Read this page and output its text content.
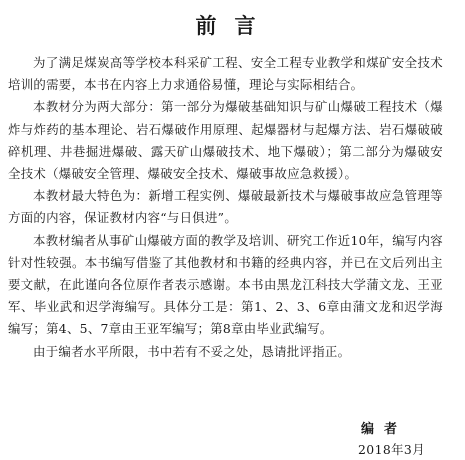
前言

为了满足煤炭高等学校本科采矿工程、安全工程专业教学和煤矿安全技术培训的需要，本书在内容上力求通俗易懂，理论与实际相结合。

本教材分为两大部分：第一部分为爆破基础知识与矿山爆破工程技术（爆炸与炸药的基本理论、岩石爆破作用原理、起爆器材与起爆方法、岩石爆破破碎机理、井巷掘进爆破、露天矿山爆破技术、地下爆破）；第二部分为爆破安全技术（爆破安全管理、爆破安全技术、爆破事故应急救援）。

本教材最大特色为：新增工程实例、爆破最新技术与爆破事故应急管理等方面的内容，保证教材内容“与日俱进”。

本教材编者从事矿山爆破方面的教学及培训、研究工作近10年，编写内容针对性较强。本书编写借鉴了其他教材和书籍的经典内容，并已在文后列出主要文献，在此谨向各位原作者表示感谢。本书由黑龙江科技大学蒲文龙、王亚军、毕业武和迟学海编写。具体分工是：第1、2、3、6章由蒲文龙和迟学海编写；第4、5、7章由王亚军编写；第8章由毕业武编写。

由于编者水平所限，书中若有不妥之处，恳请批评指正。

编者
2018年3月
